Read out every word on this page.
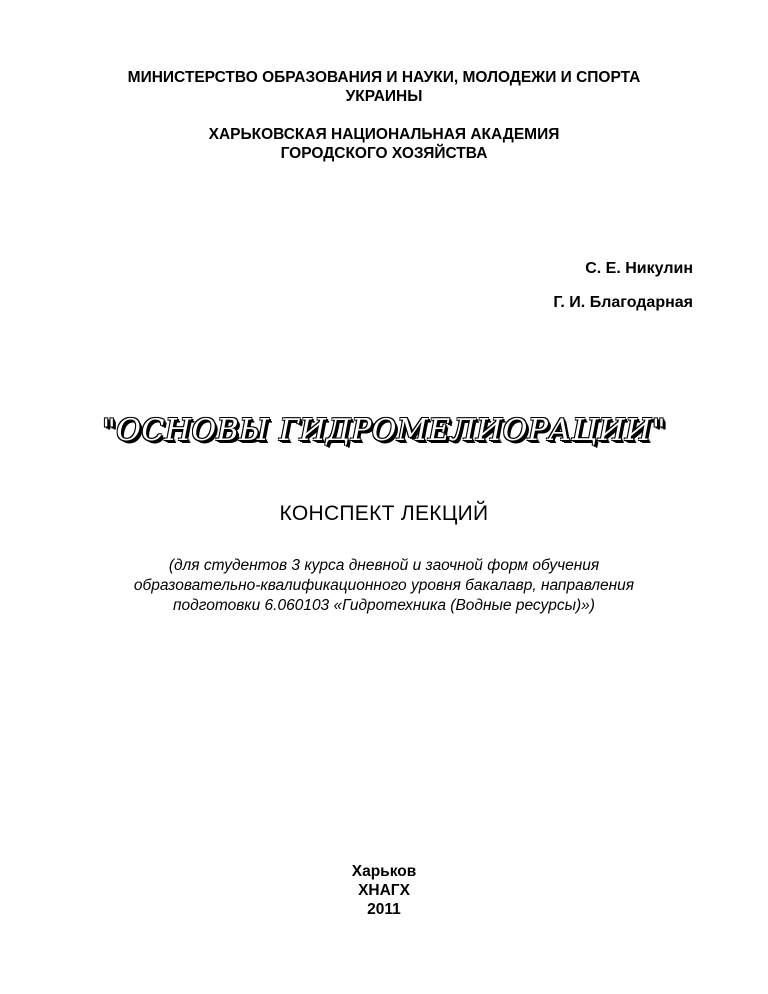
МИНИСТЕРСТВО ОБРАЗОВАНИЯ И НАУКИ, МОЛОДЕЖИ И СПОРТА
УКРАИНЫ
ХАРЬКОВСКАЯ НАЦИОНАЛЬНАЯ АКАДЕМИЯ
ГОРОДСКОГО ХОЗЯЙСТВА
С. Е. Никулин
Г. И. Благодарная
"ОСНОВЫ ГИДРОМЕЛИОРАЦИИ"
КОНСПЕКТ ЛЕКЦИЙ
(для студентов 3 курса дневной и заочной форм обучения
образовательно-квалификационного уровня бакалавр, направления
подготовки 6.060103 «Гидротехника (Водные ресурсы)»)
Харьков
ХНАГХ
2011
